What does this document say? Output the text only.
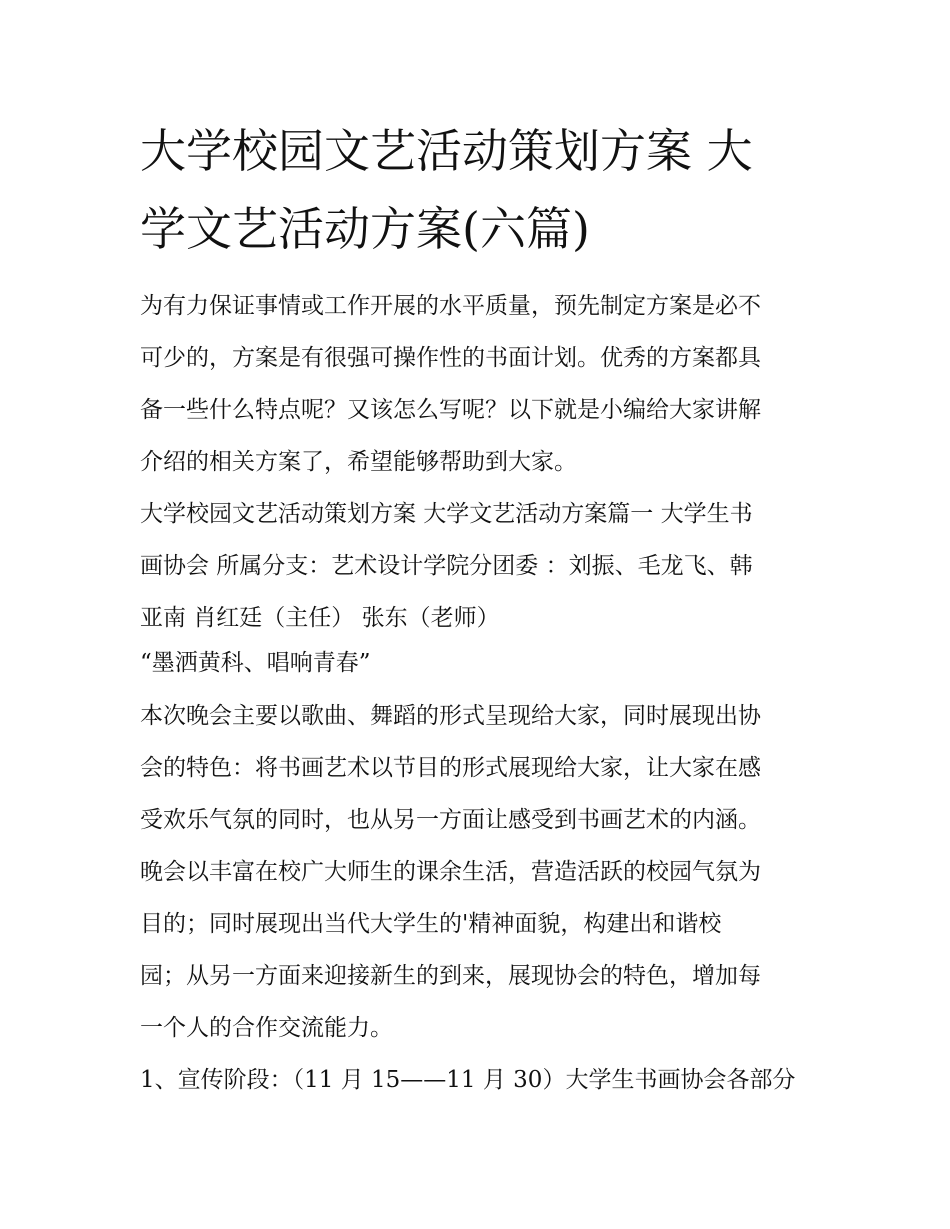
大学校园文艺活动策划方案 大
学文艺活动方案(六篇)
为有力保证事情或工作开展的水平质量，预先制定方案是必不
可少的，方案是有很强可操作性的书面计划。优秀的方案都具
备一些什么特点呢？又该怎么写呢？以下就是小编给大家讲解
介绍的相关方案了，希望能够帮助到大家。
大学校园文艺活动策划方案 大学文艺活动方案篇一 大学生书
画协会 所属分支：艺术设计学院分团委 ：刘振、毛龙飞、韩
亚南 肖红廷（主任） 张东（老师）
“墨洒黄科、唱响青春”
本次晚会主要以歌曲、舞蹈的形式呈现给大家，同时展现出协
会的特色：将书画艺术以节目的形式展现给大家，让大家在感
受欢乐气氛的同时，也从另一方面让感受到书画艺术的内涵。
晚会以丰富在校广大师生的课余生活，营造活跃的校园气氛为
目的；同时展现出当代大学生的'精神面貌，构建出和谐校
园；从另一方面来迎接新生的到来，展现协会的特色，增加每
一个人的合作交流能力。
1、宣传阶段：（11 月 15——11 月 30）大学生书画协会各部分
